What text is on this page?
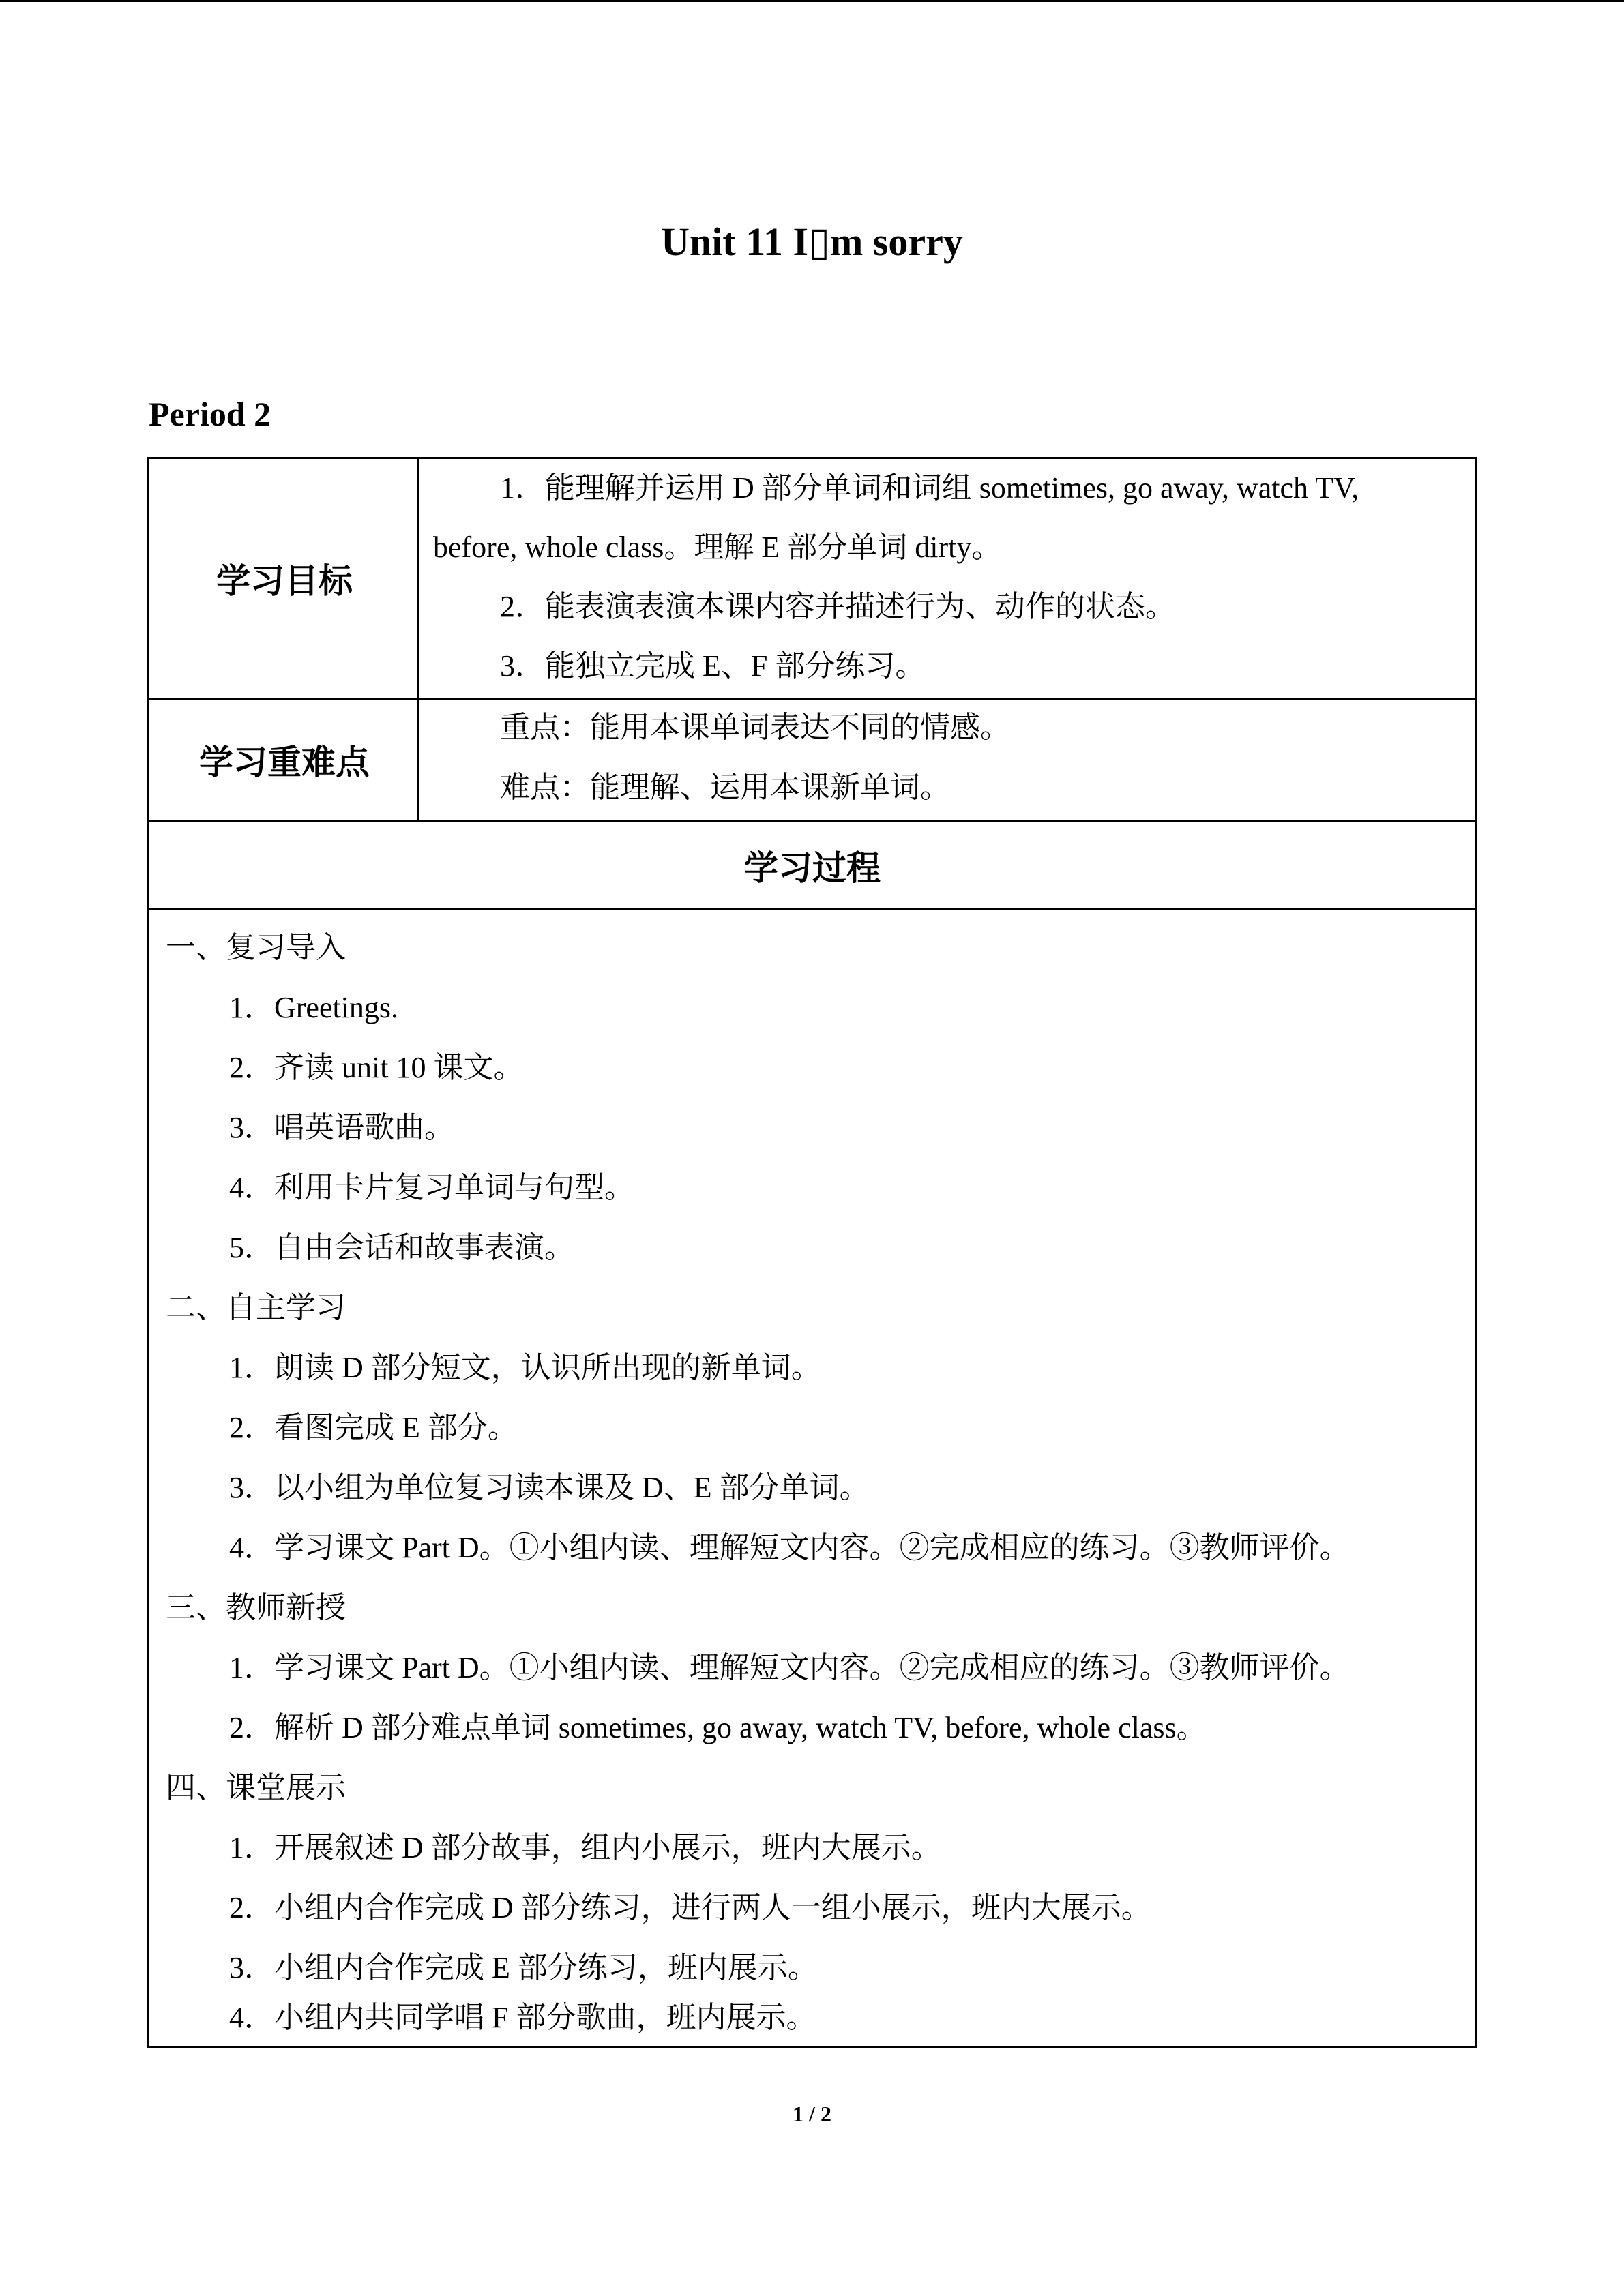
Unit 11 I▯m sorry
Period 2
学习目标
1．能理解并运用 D 部分单词和词组 sometimes, go away, watch TV,
before, whole class。理解 E 部分单词 dirty。
2．能表演表演本课内容并描述行为、动作的状态。
3．能独立完成 E、F 部分练习。
学习重难点
重点：能用本课单词表达不同的情感。
难点：能理解、运用本课新单词。
学习过程
一、复习导入
1．Greetings.
2．齐读 unit 10 课文。
3．唱英语歌曲。
4．利用卡片复习单词与句型。
5．自由会话和故事表演。
二、自主学习
1．朗读 D 部分短文，认识所出现的新单词。
2．看图完成 E 部分。
3．以小组为单位复习读本课及 D、E 部分单词。
4．学习课文 Part D。①小组内读、理解短文内容。②完成相应的练习。③教师评价。
三、教师新授
1．学习课文 Part D。①小组内读、理解短文内容。②完成相应的练习。③教师评价。
2．解析 D 部分难点单词 sometimes, go away, watch TV, before, whole class。
四、课堂展示
1．开展叙述 D 部分故事，组内小展示，班内大展示。
2．小组内合作完成 D 部分练习，进行两人一组小展示，班内大展示。
3．小组内合作完成 E 部分练习，班内展示。
4．小组内共同学唱 F 部分歌曲，班内展示。
1 / 2
